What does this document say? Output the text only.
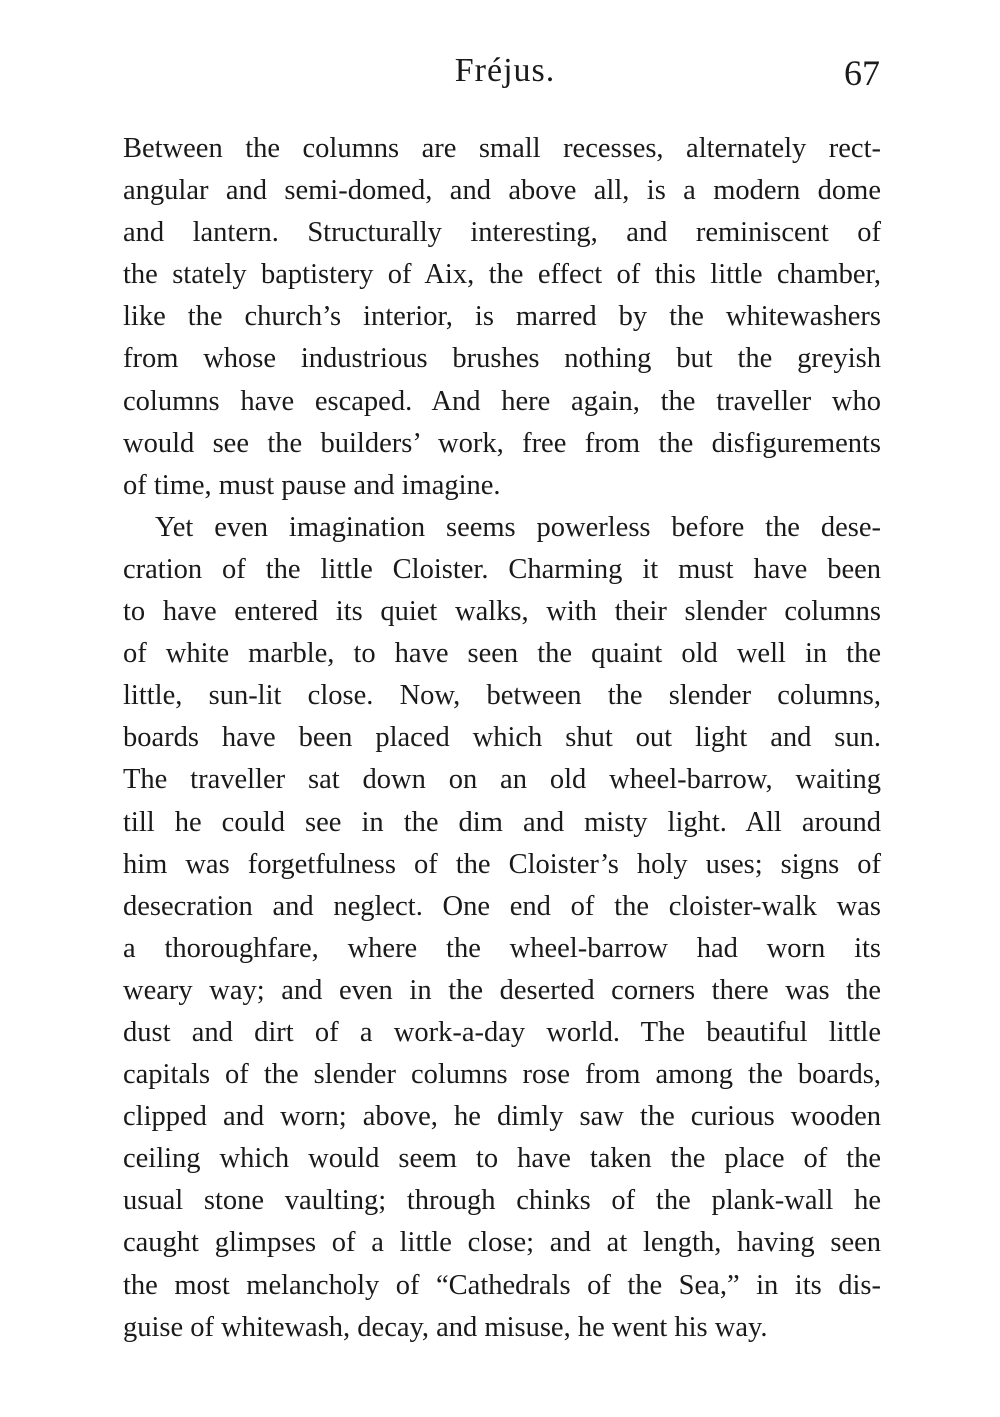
Fréjus.	67
Between the columns are small recesses, alternately rect-
angular and semi-domed, and above all, is a modern dome
and lantern. Structurally interesting, and reminiscent of
the stately baptistery of Aix, the effect of this little chamber,
like the church’s interior, is marred by the whitewashers
from whose industrious brushes nothing but the greyish
columns have escaped. And here again, the traveller who
would see the builders’ work, free from the disfigurements
of time, must pause and imagine.
Yet even imagination seems powerless before the dese-
cration of the little Cloister. Charming it must have been
to have entered its quiet walks, with their slender columns
of white marble, to have seen the quaint old well in the
little, sun-lit close. Now, between the slender columns,
boards have been placed which shut out light and sun.
The traveller sat down on an old wheel-barrow, waiting
till he could see in the dim and misty light. All around
him was forgetfulness of the Cloister’s holy uses; signs of
desecration and neglect. One end of the cloister-walk was
a thoroughfare, where the wheel-barrow had worn its
weary way; and even in the deserted corners there was the
dust and dirt of a work-a-day world. The beautiful little
capitals of the slender columns rose from among the boards,
clipped and worn; above, he dimly saw the curious wooden
ceiling which would seem to have taken the place of the
usual stone vaulting; through chinks of the plank-wall he
caught glimpses of a little close; and at length, having seen
the most melancholy of “Cathedrals of the Sea,” in its dis-
guise of whitewash, decay, and misuse, he went his way.
